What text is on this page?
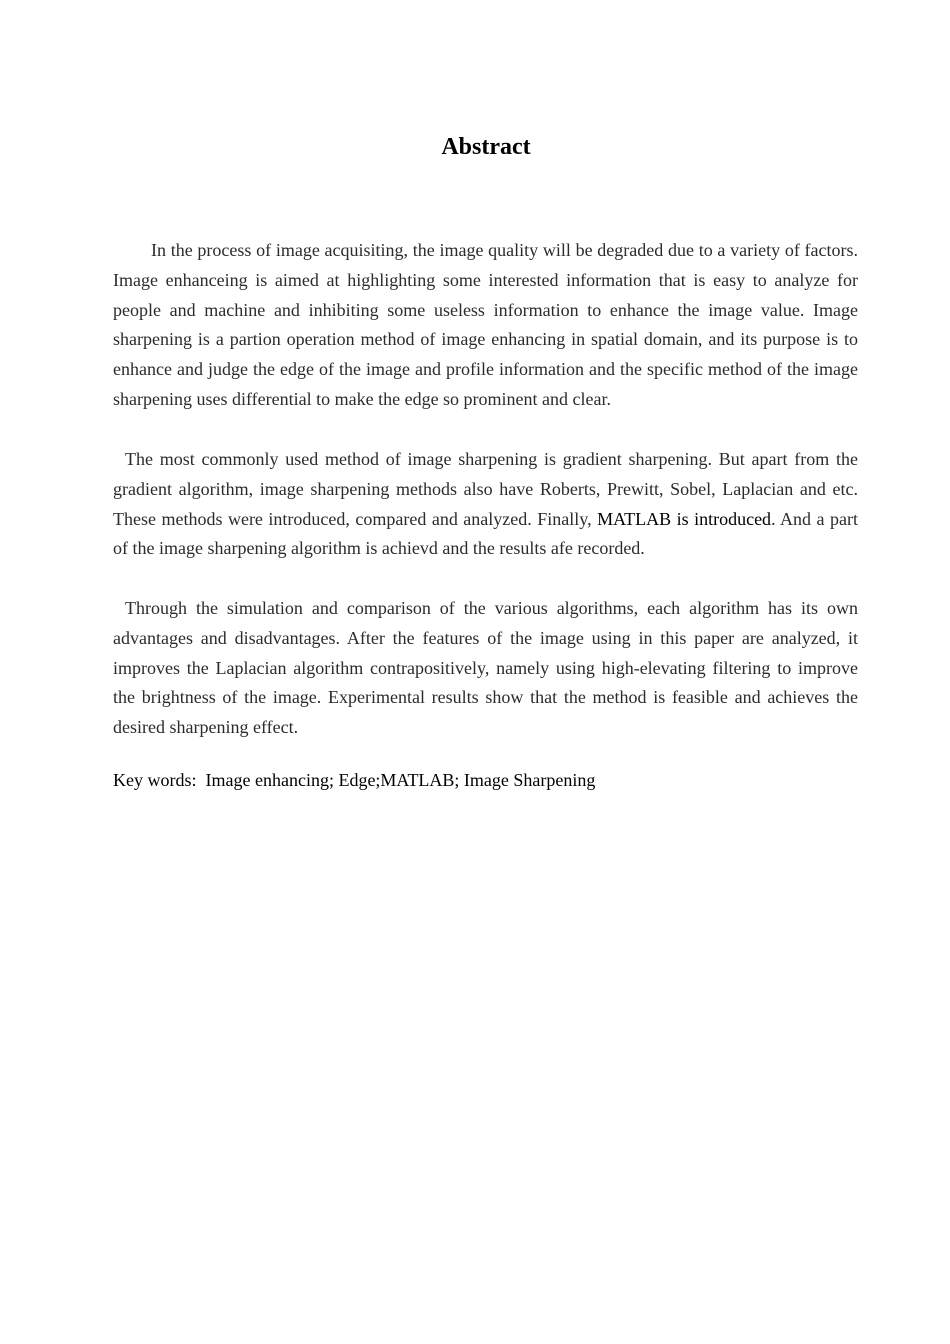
Abstract

In the process of image acquisiting, the image quality will be degraded due to a variety of factors. Image enhanceing is aimed at highlighting some interested information that is easy to analyze for people and machine and inhibiting some useless information to enhance the image value. Image sharpening is a partion operation method of image enhancing in spatial domain, and its purpose is to enhance and judge the edge of the image and profile information and the specific method of the image sharpening uses differential to make the edge so prominent and clear.

The most commonly used method of image sharpening is gradient sharpening. But apart from the gradient algorithm, image sharpening methods also have Roberts, Prewitt, Sobel, Laplacian and etc. These methods were introduced, compared and analyzed. Finally, MATLAB is introduced. And a part of the image sharpening algorithm is achievd and the results afe recorded.

Through the simulation and comparison of the various algorithms, each algorithm has its own advantages and disadvantages. After the features of the image using in this paper are analyzed, it improves the Laplacian algorithm contrapositively, namely using high-elevating filtering to improve the brightness of the image. Experimental results show that the method is feasible and achieves the desired sharpening effect.

Key words: Image enhancing; Edge;MATLAB; Image Sharpening
